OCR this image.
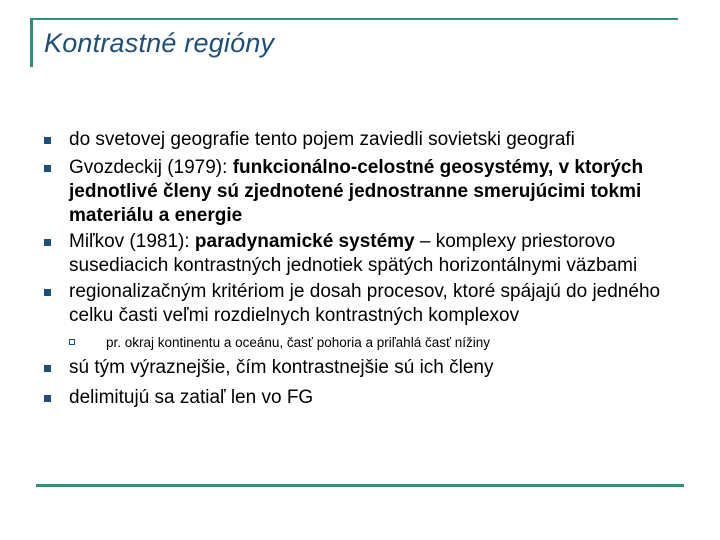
Kontrastné regióny
do svetovej geografie tento pojem zaviedli sovietski geografi
Gvozdeckij (1979): funkcionálno-celostné geosystémy, v ktorých jednotlivé členy sú zjednotené jednostranne smerujúcimi tokmi materiálu a energie
Miľkov (1981): paradynamické systémy – komplexy priestorovo susediacich kontrastných jednotiek spätých horizontálnymi väzbami
regionalizačným kritériom je dosah procesov, ktoré spájajú do jedného celku časti veľmi rozdielnych kontrastných komplexov
pr. okraj kontinentu a oceánu, časť pohoria a priľahlá časť nížiny
sú tým výraznejšie, čím kontrastnejšie sú ich členy
delimitujú sa zatiaľ len vo FG
